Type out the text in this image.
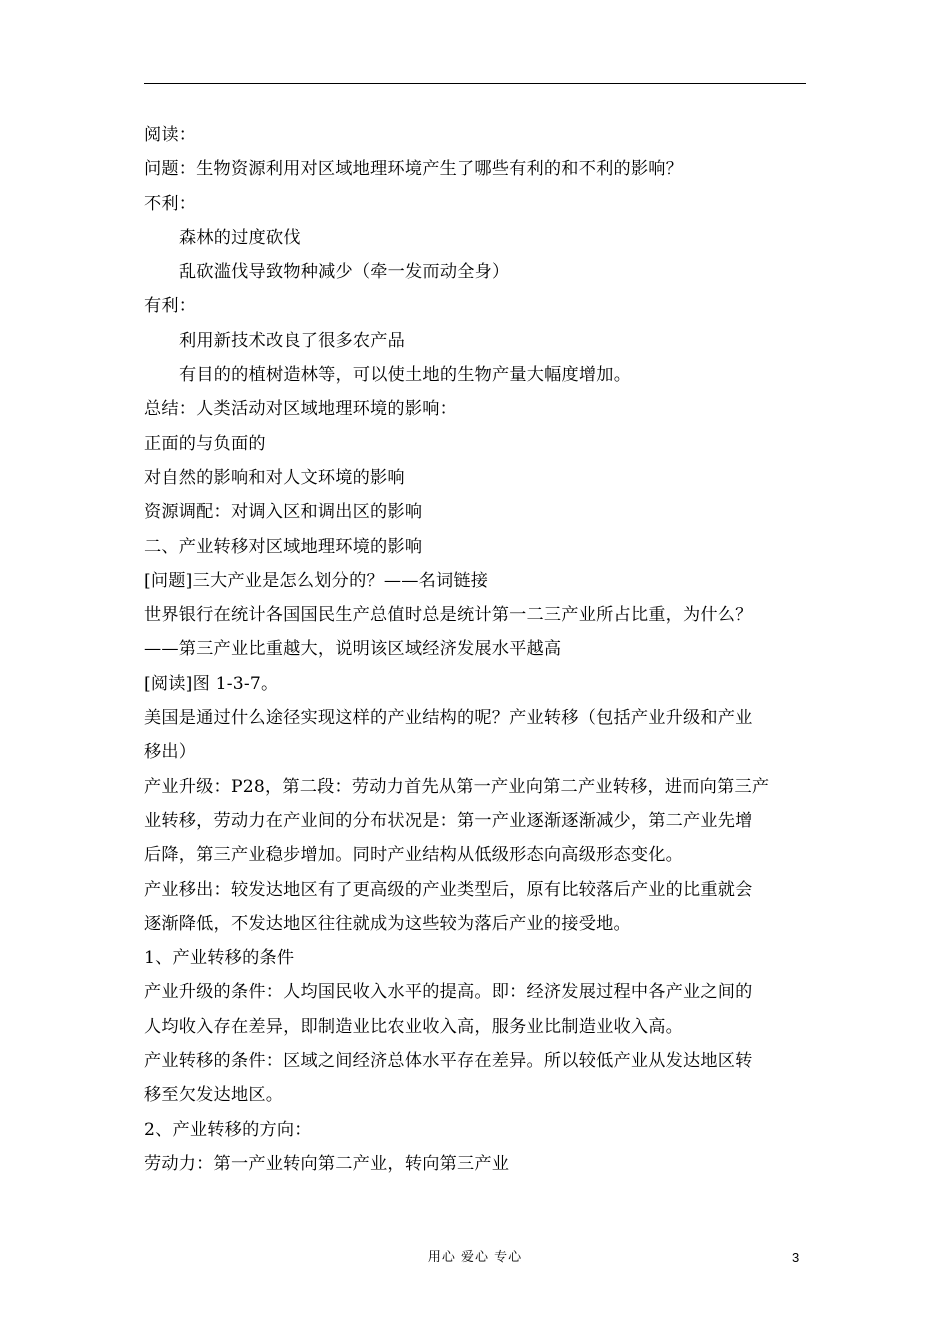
阅读：
问题：生物资源利用对区域地理环境产生了哪些有利的和不利的影响？
不利：
森林的过度砍伐
乱砍滥伐导致物种减少（牵一发而动全身）
有利：
利用新技术改良了很多农产品
有目的的植树造林等，可以使土地的生物产量大幅度增加。
总结：人类活动对区域地理环境的影响：
正面的与负面的
对自然的影响和对人文环境的影响
资源调配：对调入区和调出区的影响
二、产业转移对区域地理环境的影响
[问题]三大产业是怎么划分的？——名词链接
世界银行在统计各国国民生产总值时总是统计第一二三产业所占比重，为什么？
——第三产业比重越大，说明该区域经济发展水平越高
[阅读]图 1-3-7。
美国是通过什么途径实现这样的产业结构的呢？产业转移（包括产业升级和产业
移出）
产业升级：P28，第二段：劳动力首先从第一产业向第二产业转移，进而向第三产
业转移，劳动力在产业间的分布状况是：第一产业逐渐逐渐减少，第二产业先增
后降，第三产业稳步增加。同时产业结构从低级形态向高级形态变化。
产业移出：较发达地区有了更高级的产业类型后，原有比较落后产业的比重就会
逐渐降低，不发达地区往往就成为这些较为落后产业的接受地。
1、产业转移的条件
产业升级的条件：人均国民收入水平的提高。即：经济发展过程中各产业之间的
人均收入存在差异，即制造业比农业收入高，服务业比制造业收入高。
产业转移的条件：区域之间经济总体水平存在差异。所以较低产业从发达地区转
移至欠发达地区。
2、产业转移的方向：
劳动力：第一产业转向第二产业，转向第三产业
用心 爱心 专心	3
